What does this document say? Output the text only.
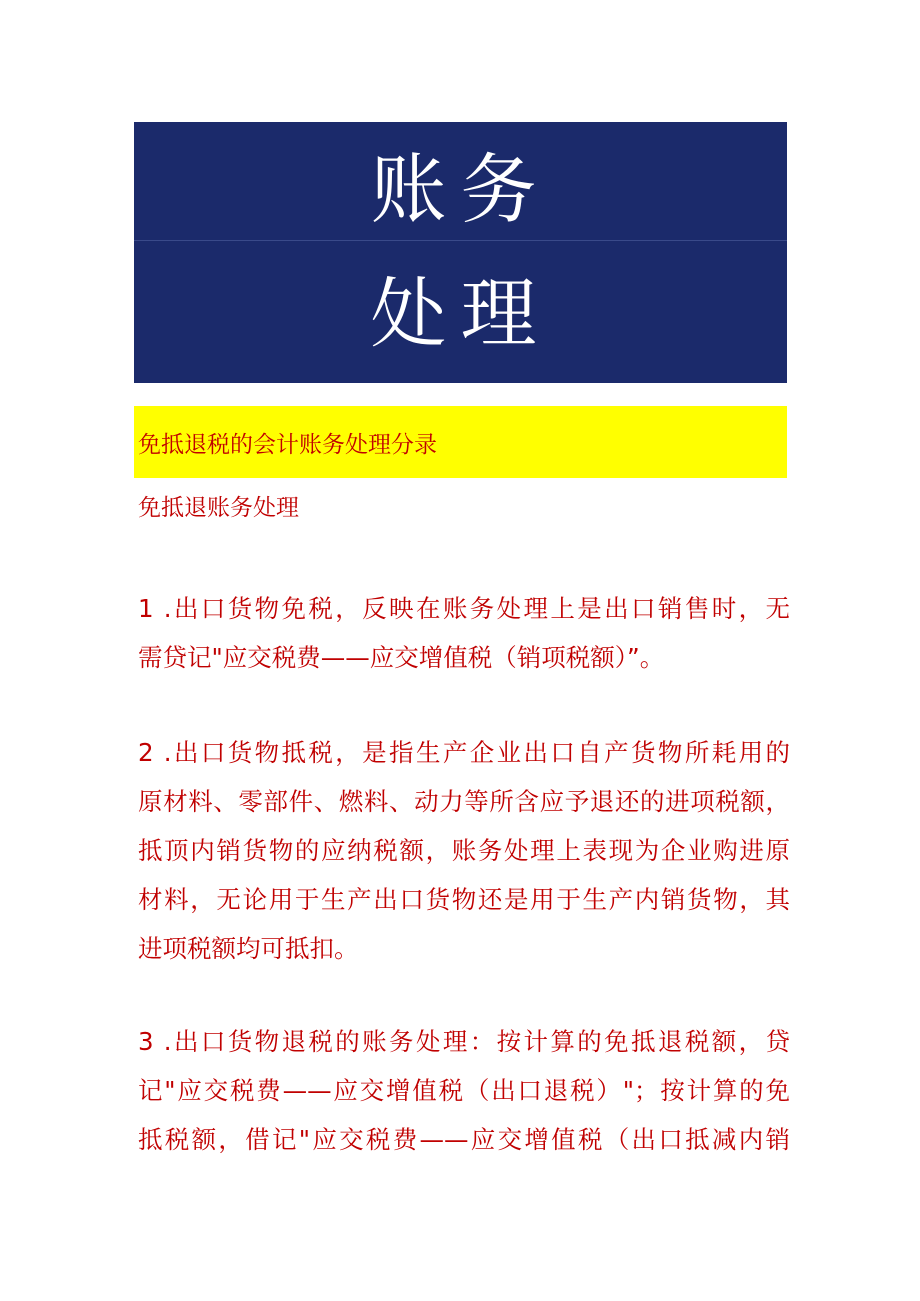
账务
处理
免抵退税的会计账务处理分录
免抵退账务处理
1 .出口货物免税，反映在账务处理上是出口销售时，无
需贷记"应交税费——应交增值税（销项税额）”。
2 .出口货物抵税，是指生产企业出口自产货物所耗用的
原材料、零部件、燃料、动力等所含应予退还的进项税额，
抵顶内销货物的应纳税额，账务处理上表现为企业购进原
材料，无论用于生产出口货物还是用于生产内销货物，其
进项税额均可抵扣。
3 .出口货物退税的账务处理：按计算的免抵退税额，贷
记"应交税费——应交增值税（出口退税）"；按计算的免
抵税额，借记"应交税费——应交增值税（出口抵减内销
